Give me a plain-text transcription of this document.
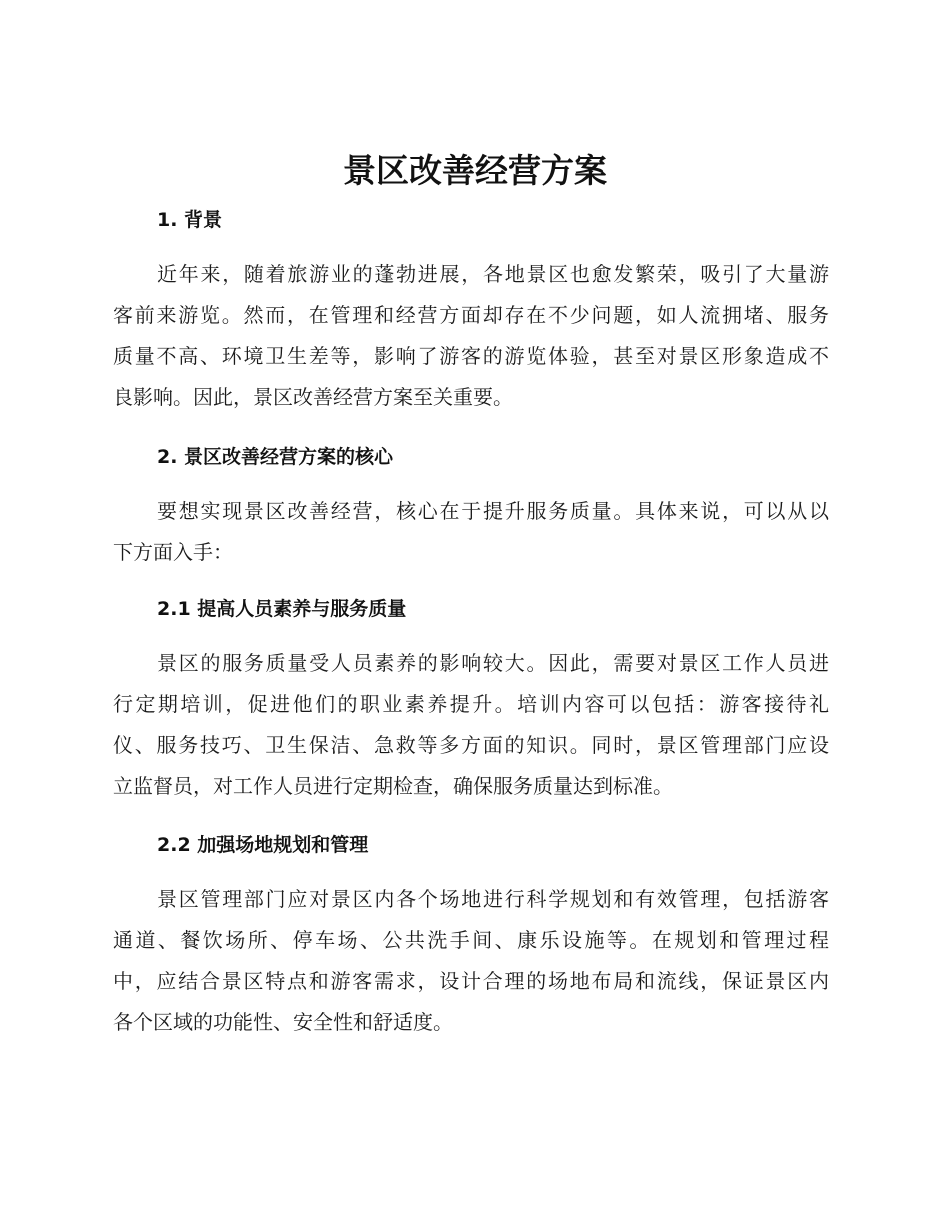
景区改善经营方案
1. 背景
近年来，随着旅游业的蓬勃进展，各地景区也愈发繁荣，吸引了大量游
客前来游览。然而，在管理和经营方面却存在不少问题，如人流拥堵、服务
质量不高、环境卫生差等，影响了游客的游览体验，甚至对景区形象造成不
良影响。因此，景区改善经营方案至关重要。
2. 景区改善经营方案的核心
要想实现景区改善经营，核心在于提升服务质量。具体来说，可以从以
下方面入手：
2.1 提高人员素养与服务质量
景区的服务质量受人员素养的影响较大。因此，需要对景区工作人员进
行定期培训，促进他们的职业素养提升。培训内容可以包括：游客接待礼
仪、服务技巧、卫生保洁、急救等多方面的知识。同时，景区管理部门应设
立监督员，对工作人员进行定期检查，确保服务质量达到标准。
2.2 加强场地规划和管理
景区管理部门应对景区内各个场地进行科学规划和有效管理，包括游客
通道、餐饮场所、停车场、公共洗手间、康乐设施等。在规划和管理过程
中，应结合景区特点和游客需求，设计合理的场地布局和流线，保证景区内
各个区域的功能性、安全性和舒适度。
